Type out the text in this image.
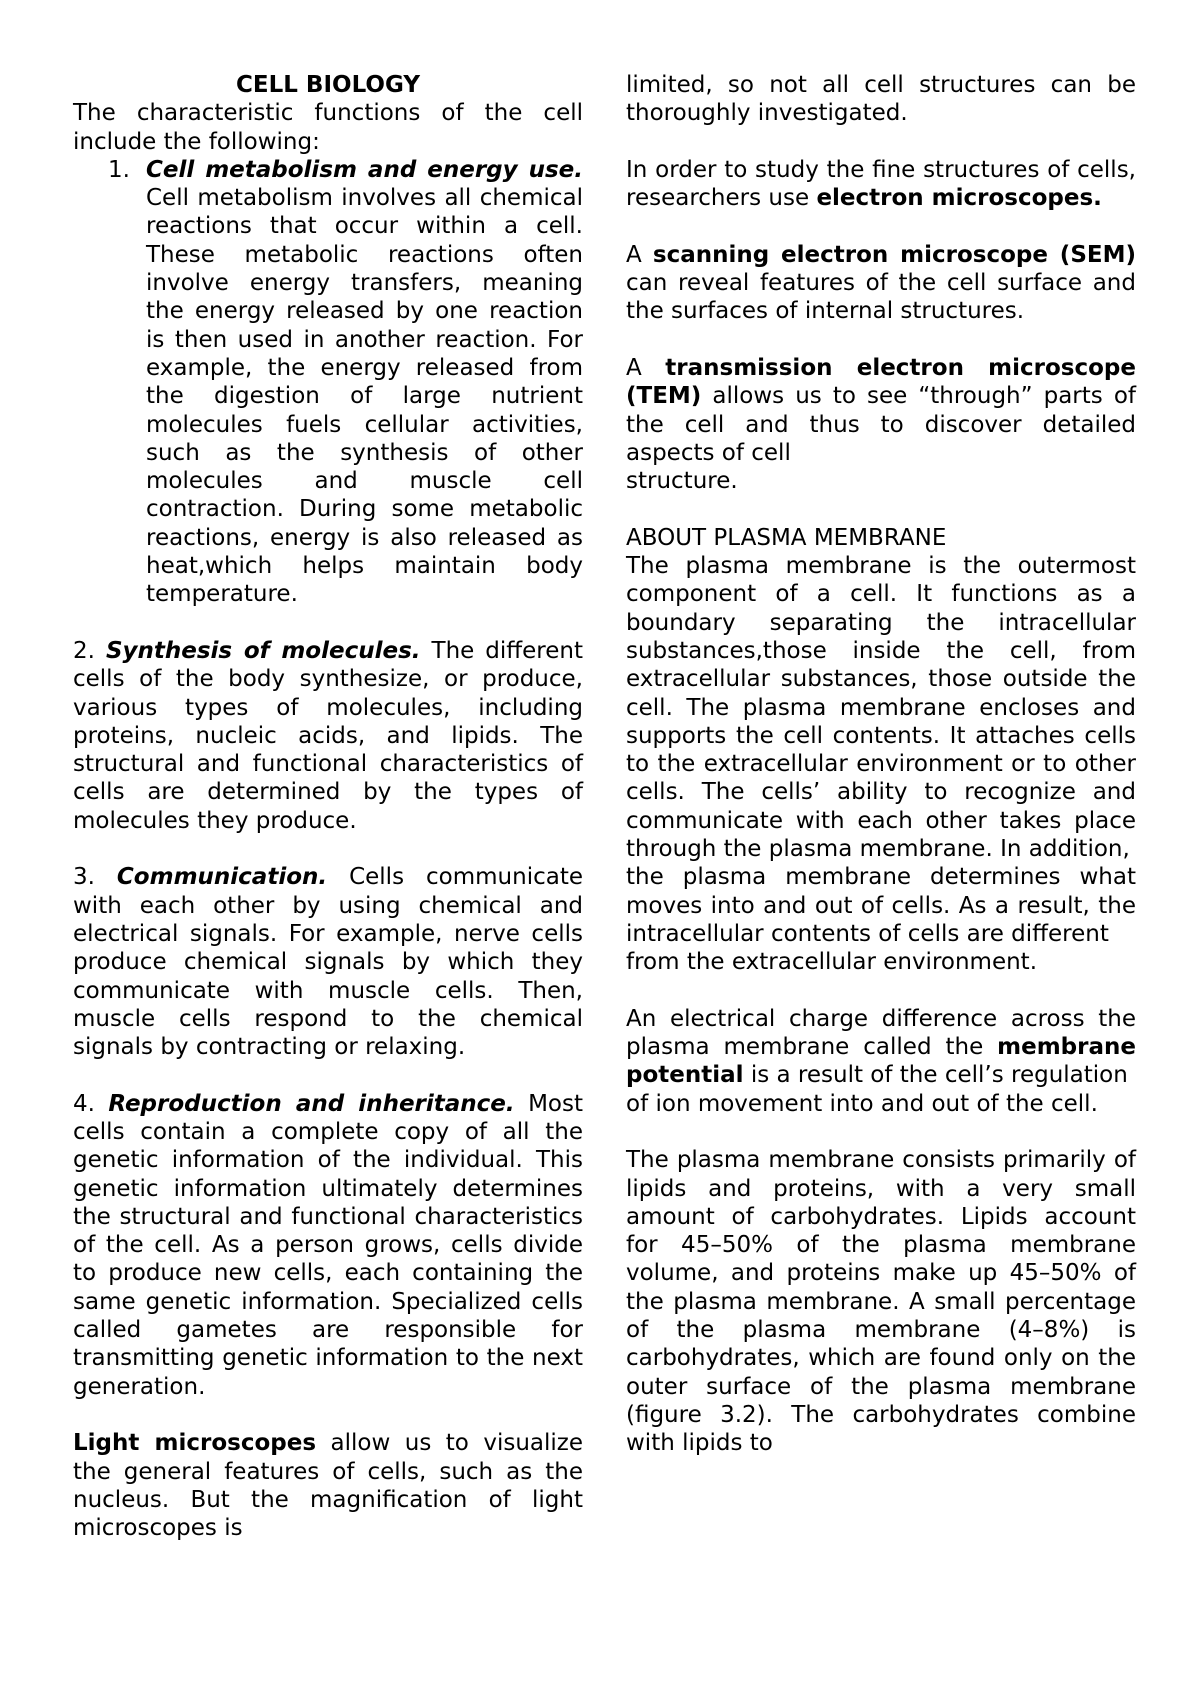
CELL BIOLOGY

The characteristic functions of the cell include the following:

1. Cell metabolism and energy use. Cell metabolism involves all chemical reactions that occur within a cell. These metabolic reactions often involve energy transfers, meaning the energy released by one reaction is then used in another reaction. For example, the energy released from the digestion of large nutrient molecules fuels cellular activities, such as the synthesis of other molecules and muscle cell contraction. During some metabolic reactions, energy is also released as heat,which helps maintain body temperature.

2. Synthesis of molecules. The different cells of the body synthesize, or produce, various types of molecules, including proteins, nucleic acids, and lipids. The structural and functional characteristics of cells are determined by the types of molecules they produce.

3. Communication. Cells communicate with each other by using chemical and electrical signals. For example, nerve cells produce chemical signals by which they communicate with muscle cells. Then, muscle cells respond to the chemical signals by contracting or relaxing.

4. Reproduction and inheritance. Most cells contain a complete copy of all the genetic information of the individual. This genetic information ultimately determines the structural and functional characteristics of the cell. As a person grows, cells divide to produce new cells, each containing the same genetic information. Specialized cells called gametes are responsible for transmitting genetic information to the next generation.

Light microscopes allow us to visualize the general features of cells, such as the nucleus. But the magnification of light microscopes is

limited, so not all cell structures can be thoroughly investigated.

In order to study the fine structures of cells, researchers use electron microscopes.

A scanning electron microscope (SEM) can reveal features of the cell surface and the surfaces of internal structures.

A transmission electron microscope (TEM) allows us to see “through” parts of the cell and thus to discover detailed aspects of cell

structure.

ABOUT PLASMA MEMBRANE

The plasma membrane is the outermost component of a cell. It functions as a boundary separating the intracellular substances,those inside the cell, from extracellular substances, those outside the cell. The plasma membrane encloses and supports the cell contents. It attaches cells to the extracellular environment or to other cells. The cells’ ability to recognize and communicate with each other takes place through the plasma membrane. In addition,

the plasma membrane determines what moves into and out of cells. As a result, the intracellular contents of cells are different

from the extracellular environment.

An electrical charge difference across the plasma membrane called the membrane potential is a result of the cell’s regulation

of ion movement into and out of the cell.

The plasma membrane consists primarily of lipids and proteins, with a very small amount of carbohydrates. Lipids account for 45–50% of the plasma membrane volume, and proteins make up 45–50% of the plasma membrane. A small percentage of the plasma membrane (4–8%) is carbohydrates, which are found only on the outer surface of the plasma membrane (figure 3.2). The carbohydrates combine with lipids to
